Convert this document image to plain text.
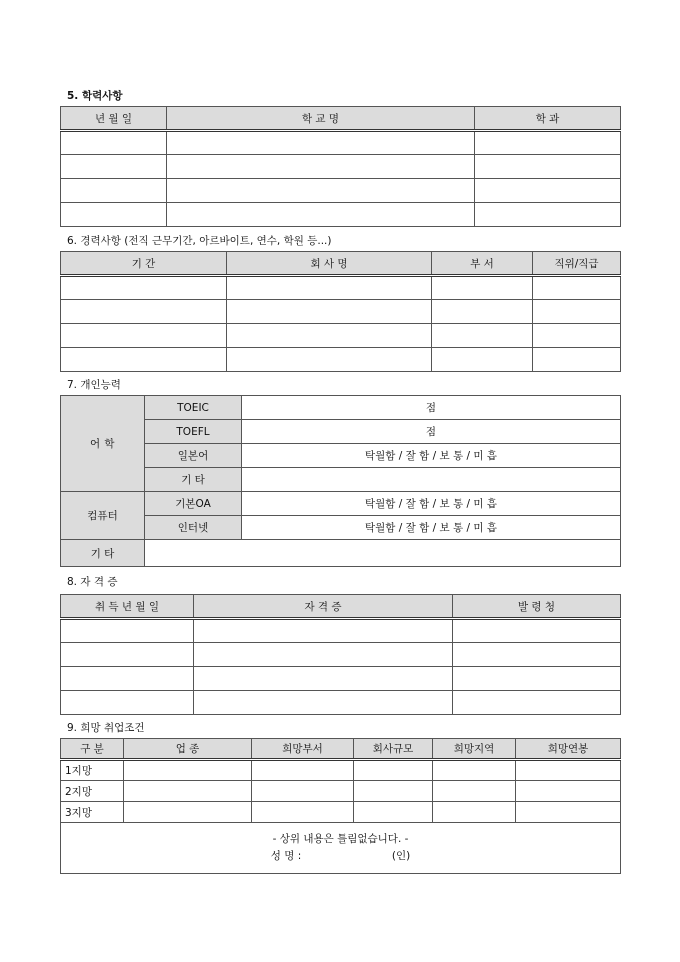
5. 학력사항
년 월 일	학 교 명	학 과

6. 경력사항 (전직 근무기간, 아르바이트, 연수, 학원 등...)
기 간	회 사 명	부 서	직위/직급

7. 개인능력
어 학	TOEIC	점
	TOEFL	점
	일본어	탁월함 / 잘 함 / 보 통 / 미 흡
	기 타	
컴퓨터	기본OA	탁월함 / 잘 함 / 보 통 / 미 흡
	인터넷	탁월함 / 잘 함 / 보 통 / 미 흡
기 타		
8. 자 격 증
취 득 년 월 일	자 격 증	발 령 청

9. 희망 취업조건
구 분	업 종	희망부서	회사규모	희망지역	희망연봉
1지망					
2지망					
3지망					

- 상위 내용은 틀림없습니다. -
성 명 : (인)					
